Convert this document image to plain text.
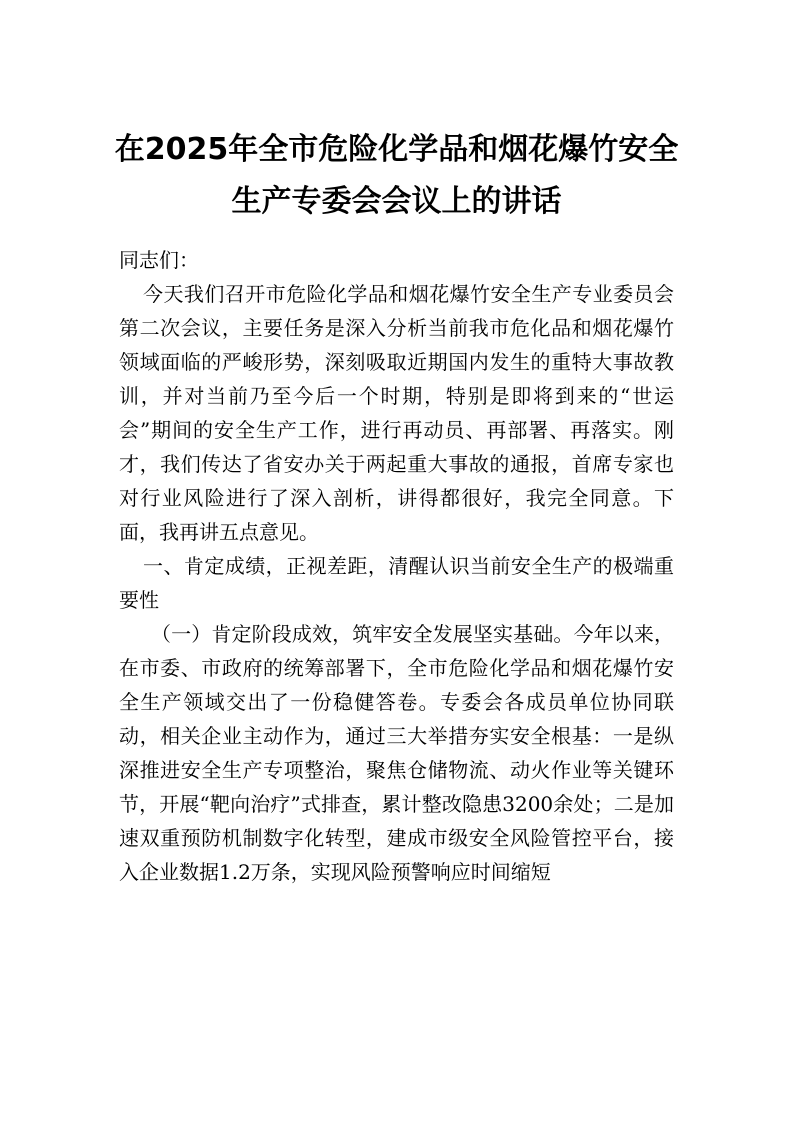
在2025年全市危险化学品和烟花爆竹安全
生产专委会会议上的讲话

同志们：

今天我们召开市危险化学品和烟花爆竹安全生产专业委员会第二次会议，主要任务是深入分析当前我市危化品和烟花爆竹领域面临的严峻形势，深刻吸取近期国内发生的重特大事故教训，并对当前乃至今后一个时期，特别是即将到来的“世运会”期间的安全生产工作，进行再动员、再部署、再落实。刚才，我们传达了省安办关于两起重大事故的通报，首席专家也对行业风险进行了深入剖析，讲得都很好，我完全同意。下面，我再讲五点意见。

一、肯定成绩，正视差距，清醒认识当前安全生产的极端重要性

（一）肯定阶段成效，筑牢安全发展坚实基础。今年以来，在市委、市政府的统筹部署下，全市危险化学品和烟花爆竹安全生产领域交出了一份稳健答卷。专委会各成员单位协同联动，相关企业主动作为，通过三大举措夯实安全根基：一是纵深推进安全生产专项整治，聚焦仓储物流、动火作业等关键环节，开展“靶向治疗”式排查，累计整改隐患3200余处；二是加速双重预防机制数字化转型，建成市级安全风险管控平台，接入企业数据1.2万条，实现风险预警响应时间缩短
